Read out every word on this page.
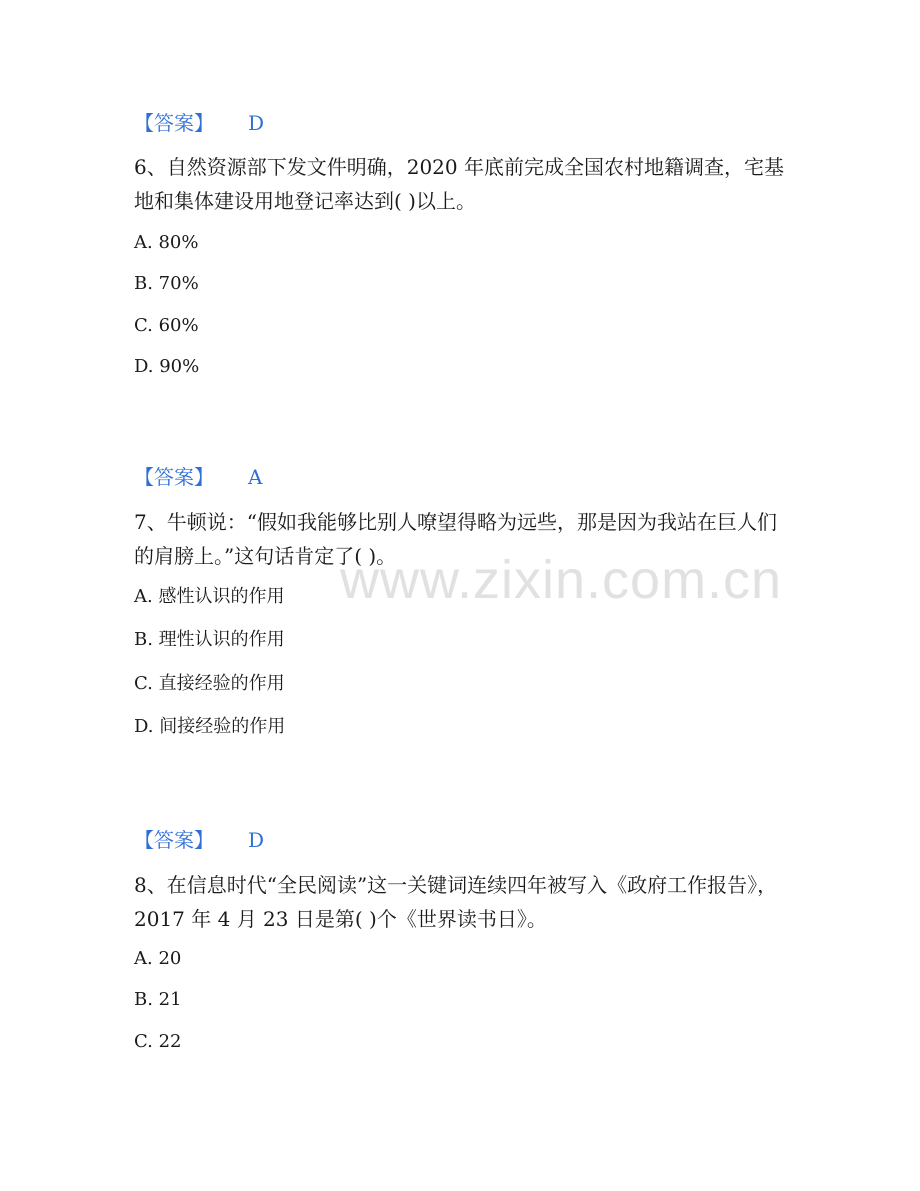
www.zixin.com.cn
【答案】 D
6、自然资源部下发文件明确，2020 年底前完成全国农村地籍调查，宅基地和集体建设用地登记率达到( )以上。
A. 80%
B. 70%
C. 60%
D. 90%
【答案】 A
7、牛顿说：“假如我能够比别人嘹望得略为远些，那是因为我站在巨人们的肩膀上。”这句话肯定了( )。
A. 感性认识的作用
B. 理性认识的作用
C. 直接经验的作用
D. 间接经验的作用
【答案】 D
8、在信息时代“全民阅读”这一关键词连续四年被写入《政府工作报告》，2017 年 4 月 23 日是第( )个《世界读书日》。
A. 20
B. 21
C. 22
